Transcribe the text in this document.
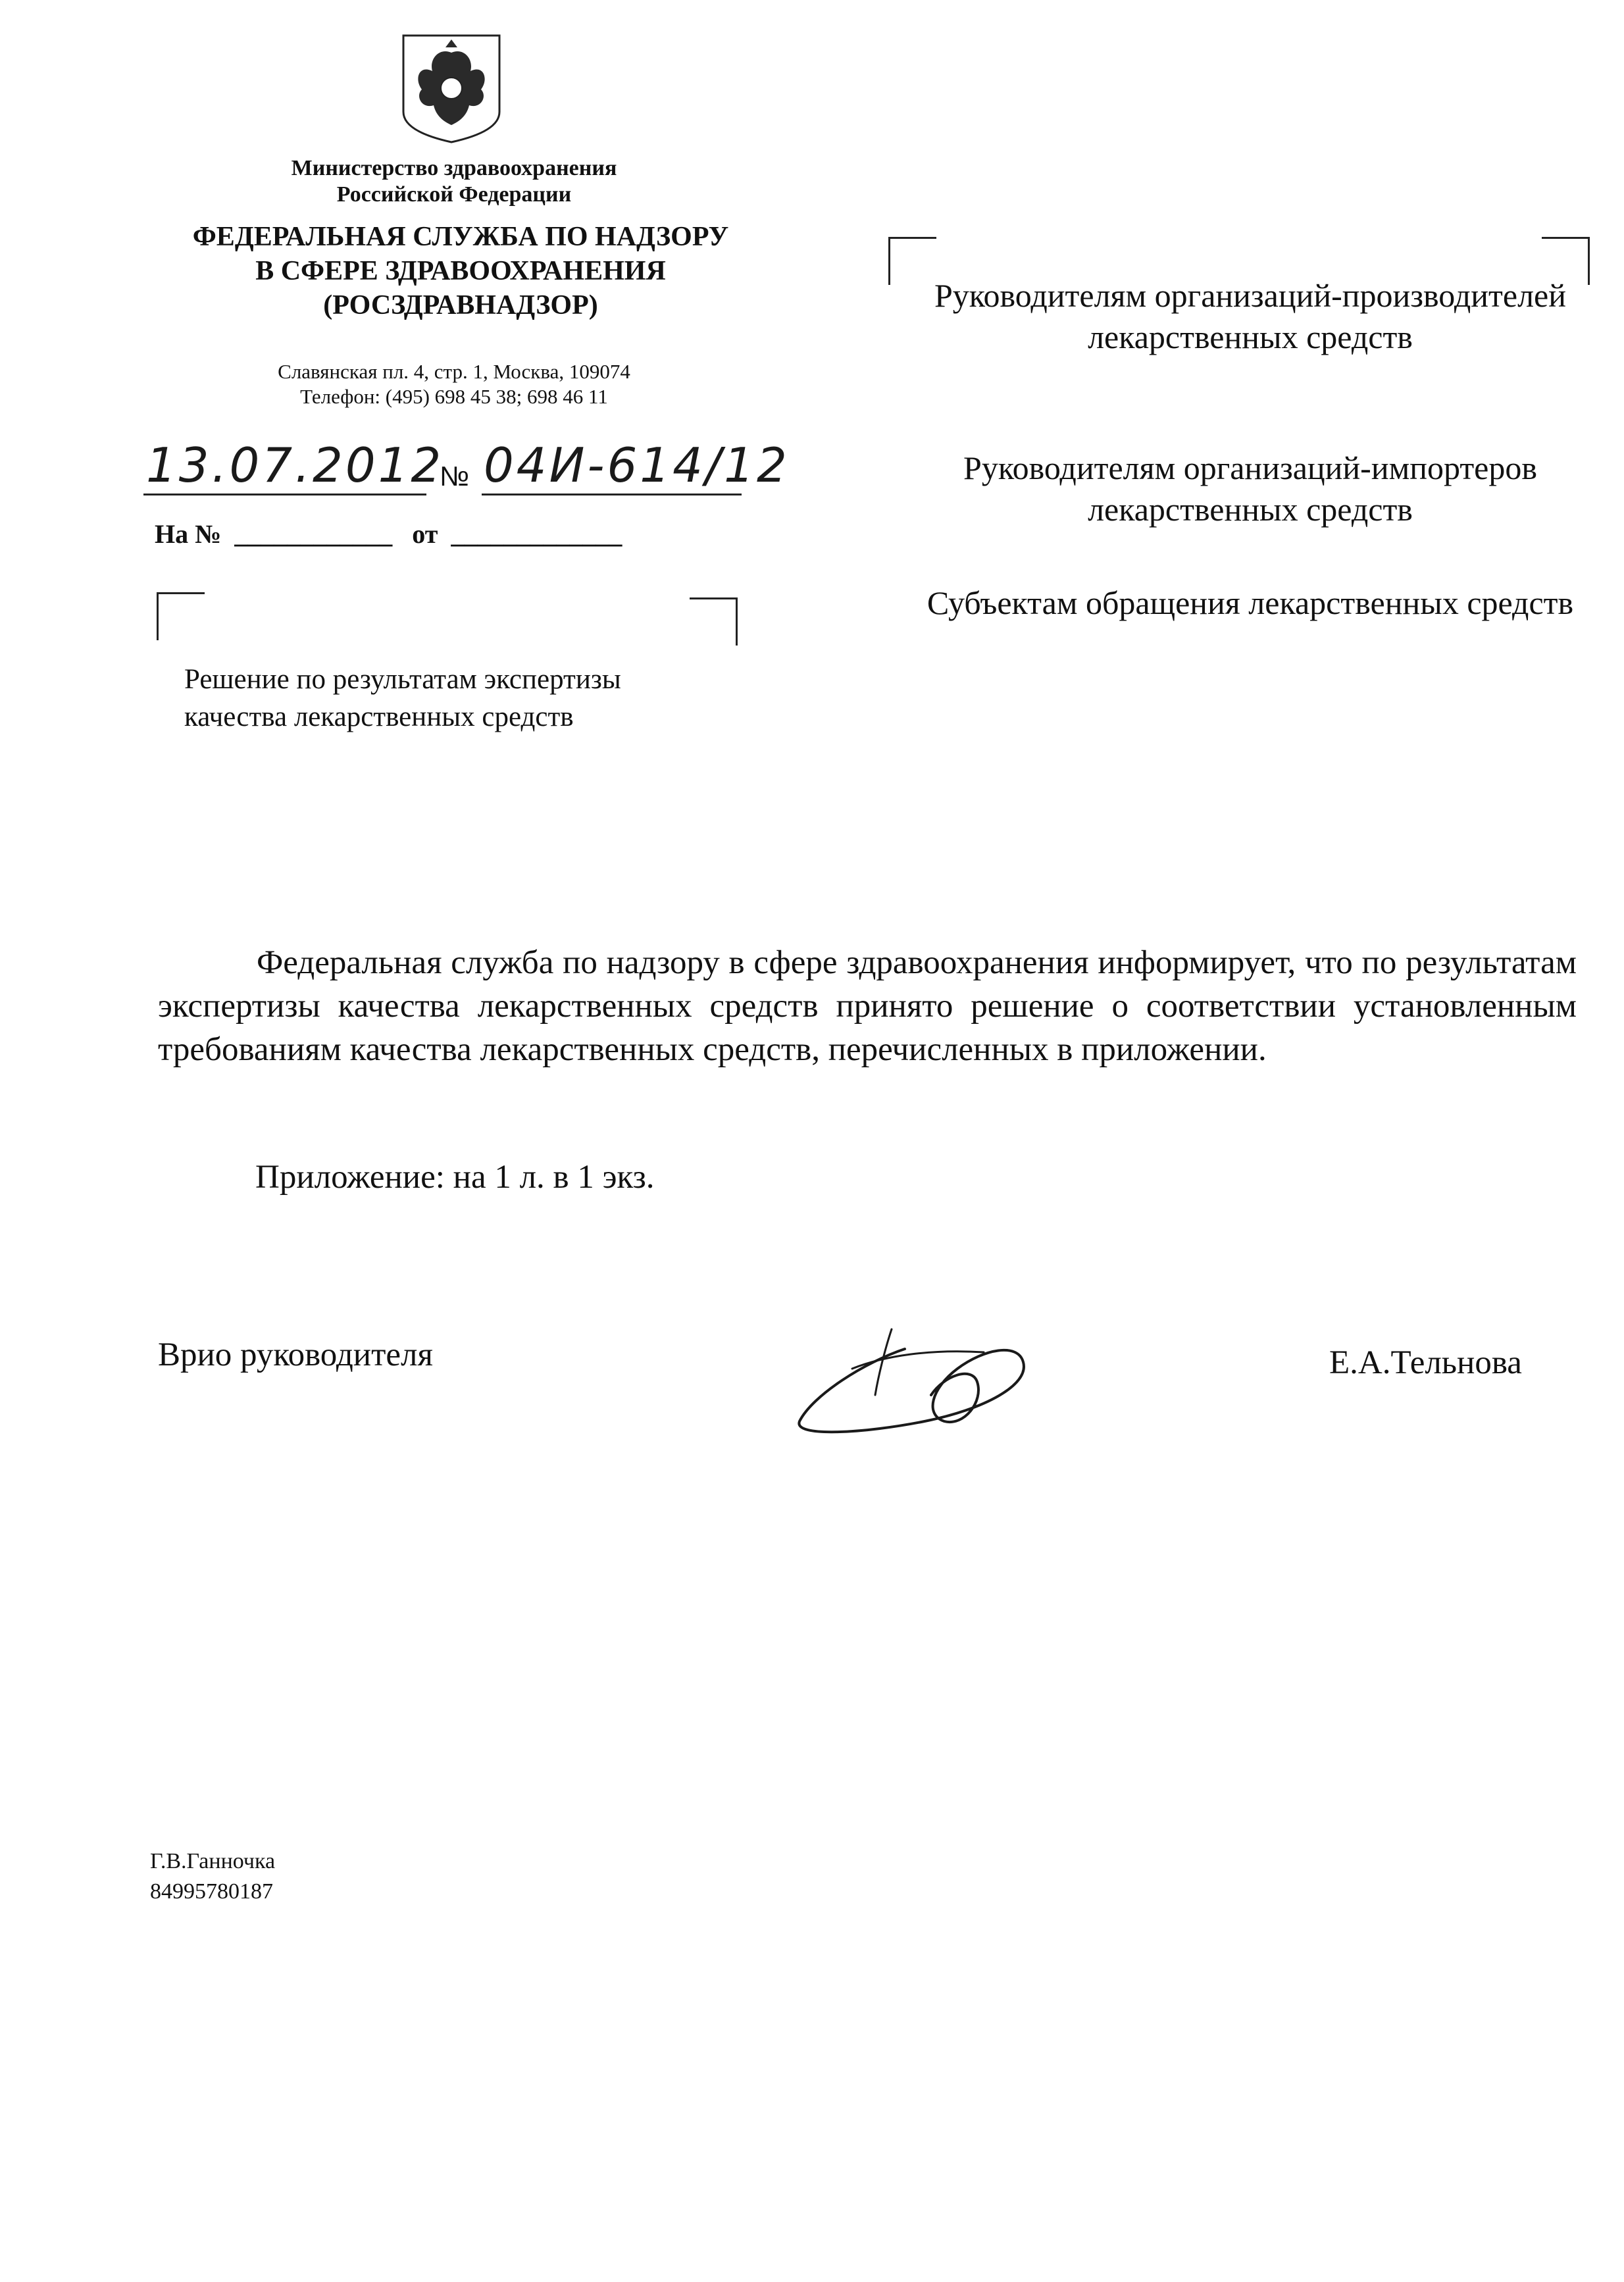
Министерство здравоохранения
Российской Федерации
ФЕДЕРАЛЬНАЯ СЛУЖБА ПО НАДЗОРУ
В СФЕРЕ ЗДРАВООХРАНЕНИЯ
(РОСЗДРАВНАДЗОР)
Славянская пл. 4, стр. 1, Москва, 109074
Телефон: (495) 698 45 38; 698 46 11
13.07.2012
№ 04И-614/12
На №  ____________   от  _____________
Решение по результатам экспертизы качества лекарственных средств
Руководителям организаций-производителей лекарственных средств
Руководителям организаций-импортеров лекарственных средств
Субъектам обращения лекарственных средств

Федеральная служба по надзору в сфере здравоохранения информирует, что по результатам экспертизы качества лекарственных средств принято решение о соответствии установленным требованиям качества лекарственных средств, перечисленных в приложении.

Приложение: на 1 л. в 1 экз.
Врио руководителя	Е.А.Тельнова
Г.В.Ганночка
84995780187
